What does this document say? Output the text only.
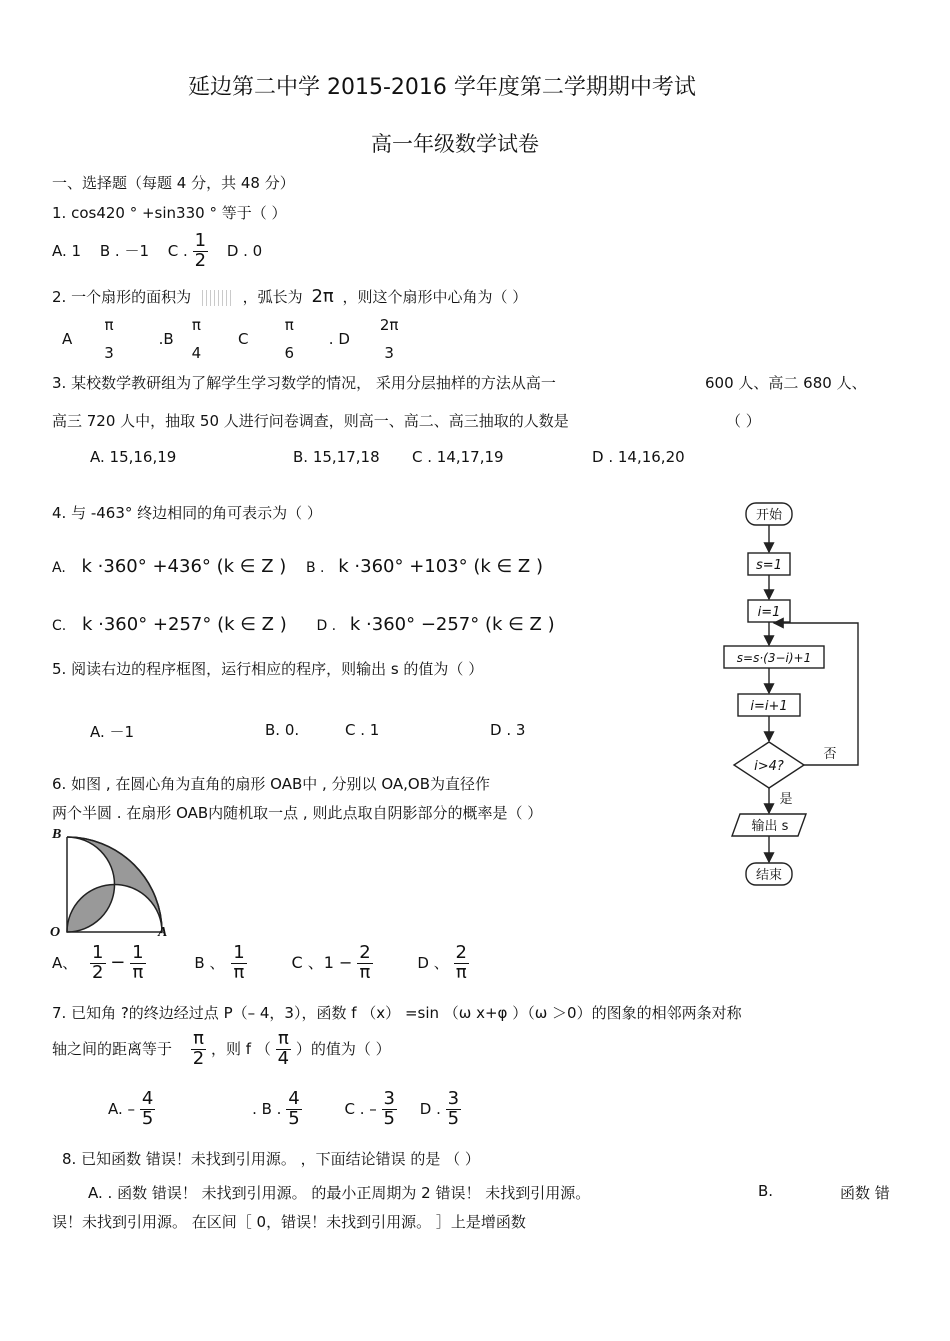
延边第二中学 2015-2016 学年度第二学期期中考试
高一年级数学试卷
一、选择题（每题 4 分，共 48 分）
1. cos420 ° +sin330 ° 等于（ ）
A. 1 B . －1 C . $\frac{1}{2}$ D . 0
2. 一个扇形的面积为	，弧长为 2π ，则这个扇形中心角为（ ）
A
π
3
.B
π
4
C
π
6
. D
2π
3
3. 某校数学教研组为了解学生学习数学的情况， 采用分层抽样的方法从高一	600 人、高二 680 人、
高三 720 人中，抽取 50 人进行问卷调查，则高一、高二、高三抽取的人数是	（ ）
A. 15,16,19	B. 15,17,18 C . 14,17,19	D . 14,16,20
4. 与 -463° 终边相同的角可表示为（ ）
A. k ·360° +436° (k ∈ Z ) B . k ·360° +103° (k ∈ Z )
C. k ·360° +257° (k ∈ Z ) D . k ·360° −257° (k ∈ Z )
5. 阅读右边的程序框图，运行相应的程序，则输出 s 的值为（ ）
A. －1	B. 0.	C . 1	D . 3
开始
s=1
i=1
s=s·(3−i)+1
i=i+1
i>4?
否
是
输出 s
结束
6. 如图 , 在圆心角为直角的扇形 OAB中 , 分别以 OA,OB为直径作
两个半圆 . 在扇形 OAB内随机取一点 , 则此点取自阴影部分的概率是（ ）
B
O	A
A、 $\frac{1}{2} - \frac{1}{\pi}$	B 、 $\frac{1}{\pi}$	C 、$1 - \frac{2}{\pi}$	D 、 $\frac{2}{\pi}$
7. 已知角 ?的终边经过点 P（– 4，3），函数 f （x） =sin （ω x+φ ）（ω ＞0）的图象的相邻两条对称
轴之间的距离等于 $\frac{\pi}{2}$ ，则 f （ $\frac{\pi}{4}$ ）的值为（ ）
A. – $\frac{4}{5}$	. B . $\frac{4}{5}$	C . – $\frac{3}{5}$ D . $\frac{3}{5}$
8. 已知函数 错误！未找到引用源。 ，下面结论错误 的是 （ ）
A. . 函数 错误！ 未找到引用源。 的最小正周期为 2 错误！ 未找到引用源。	B.	函数 错
误！未找到引用源。 在区间［ 0，错误！未找到引用源。 ］上是增函数
